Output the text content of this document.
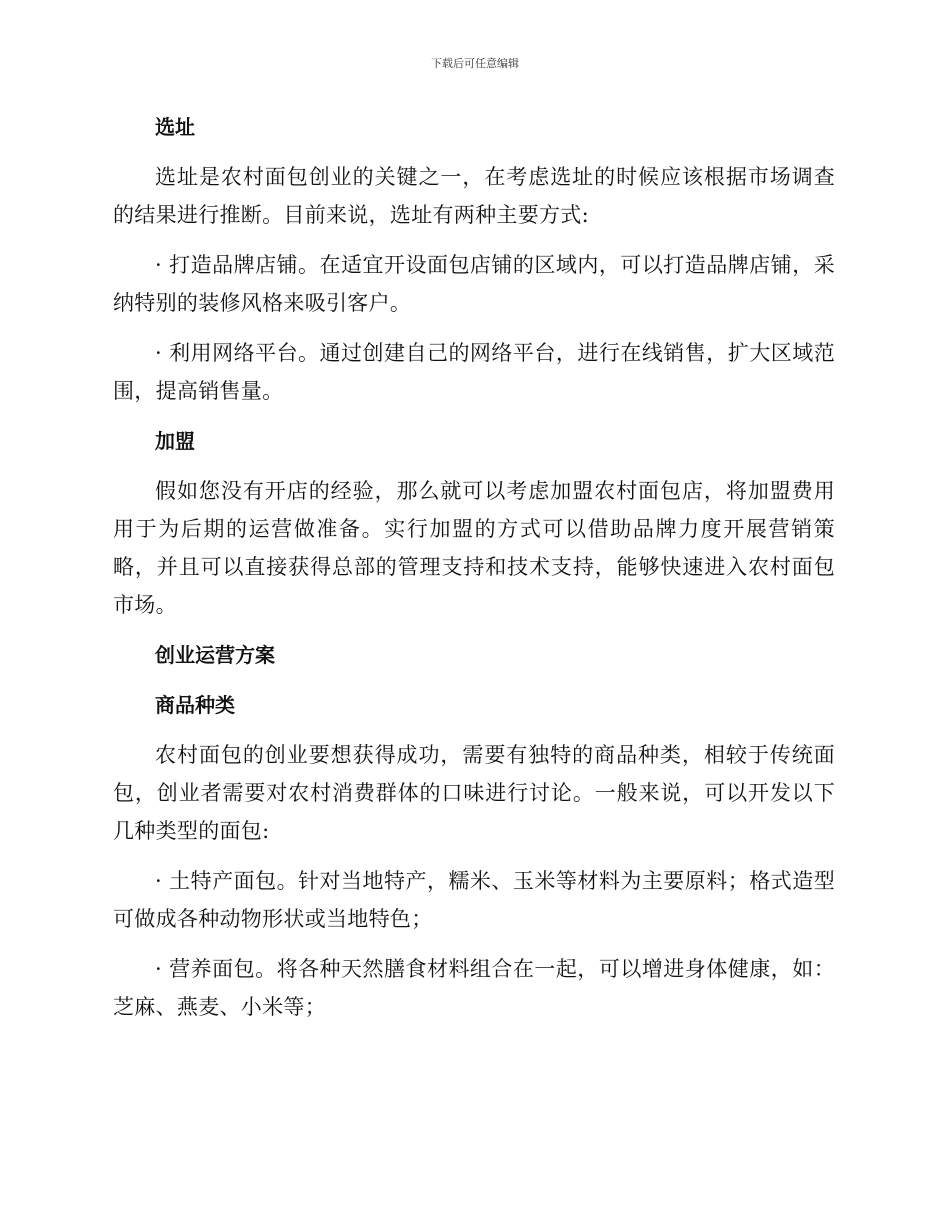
下载后可任意编辑

选址

选址是农村面包创业的关键之一，在考虑选址的时候应该根据市场调查的结果进行推断。目前来说，选址有两种主要方式:

· 打造品牌店铺。在适宜开设面包店铺的区域内，可以打造品牌店铺，采纳特别的装修风格来吸引客户。

· 利用网络平台。通过创建自己的网络平台，进行在线销售，扩大区域范围，提高销售量。

加盟

假如您没有开店的经验，那么就可以考虑加盟农村面包店，将加盟费用用于为后期的运营做准备。实行加盟的方式可以借助品牌力度开展营销策略，并且可以直接获得总部的管理支持和技术支持，能够快速进入农村面包市场。

创业运营方案

商品种类

农村面包的创业要想获得成功，需要有独特的商品种类，相较于传统面包，创业者需要对农村消费群体的口味进行讨论。一般来说，可以开发以下几种类型的面包:

· 土特产面包。针对当地特产，糯米、玉米等材料为主要原料；格式造型可做成各种动物形状或当地特色；

· 营养面包。将各种天然膳食材料组合在一起，可以增进身体健康，如：芝麻、燕麦、小米等；
